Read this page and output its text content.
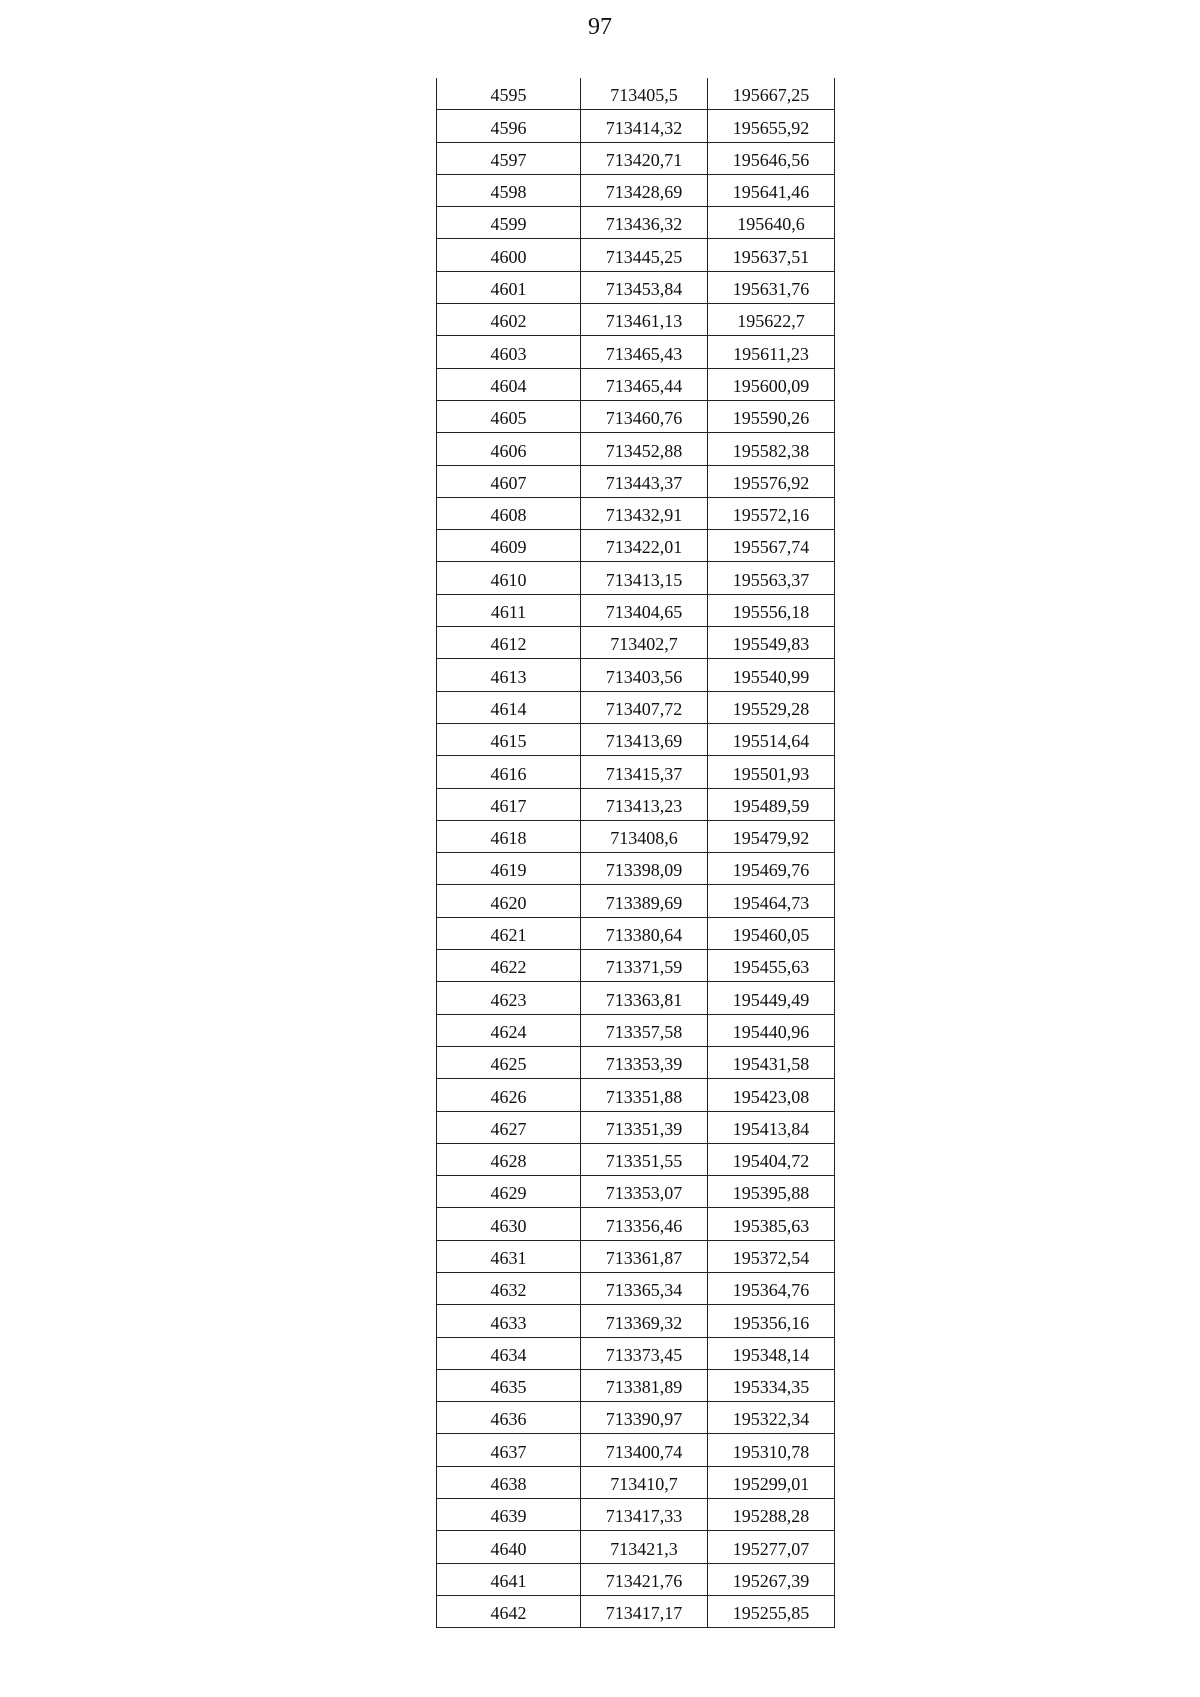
97
4595	713405,5	195667,25
4596	713414,32	195655,92
4597	713420,71	195646,56
4598	713428,69	195641,46
4599	713436,32	195640,6
4600	713445,25	195637,51
4601	713453,84	195631,76
4602	713461,13	195622,7
4603	713465,43	195611,23
4604	713465,44	195600,09
4605	713460,76	195590,26
4606	713452,88	195582,38
4607	713443,37	195576,92
4608	713432,91	195572,16
4609	713422,01	195567,74
4610	713413,15	195563,37
4611	713404,65	195556,18
4612	713402,7	195549,83
4613	713403,56	195540,99
4614	713407,72	195529,28
4615	713413,69	195514,64
4616	713415,37	195501,93
4617	713413,23	195489,59
4618	713408,6	195479,92
4619	713398,09	195469,76
4620	713389,69	195464,73
4621	713380,64	195460,05
4622	713371,59	195455,63
4623	713363,81	195449,49
4624	713357,58	195440,96
4625	713353,39	195431,58
4626	713351,88	195423,08
4627	713351,39	195413,84
4628	713351,55	195404,72
4629	713353,07	195395,88
4630	713356,46	195385,63
4631	713361,87	195372,54
4632	713365,34	195364,76
4633	713369,32	195356,16
4634	713373,45	195348,14
4635	713381,89	195334,35
4636	713390,97	195322,34
4637	713400,74	195310,78
4638	713410,7	195299,01
4639	713417,33	195288,28
4640	713421,3	195277,07
4641	713421,76	195267,39
4642	713417,17	195255,85
